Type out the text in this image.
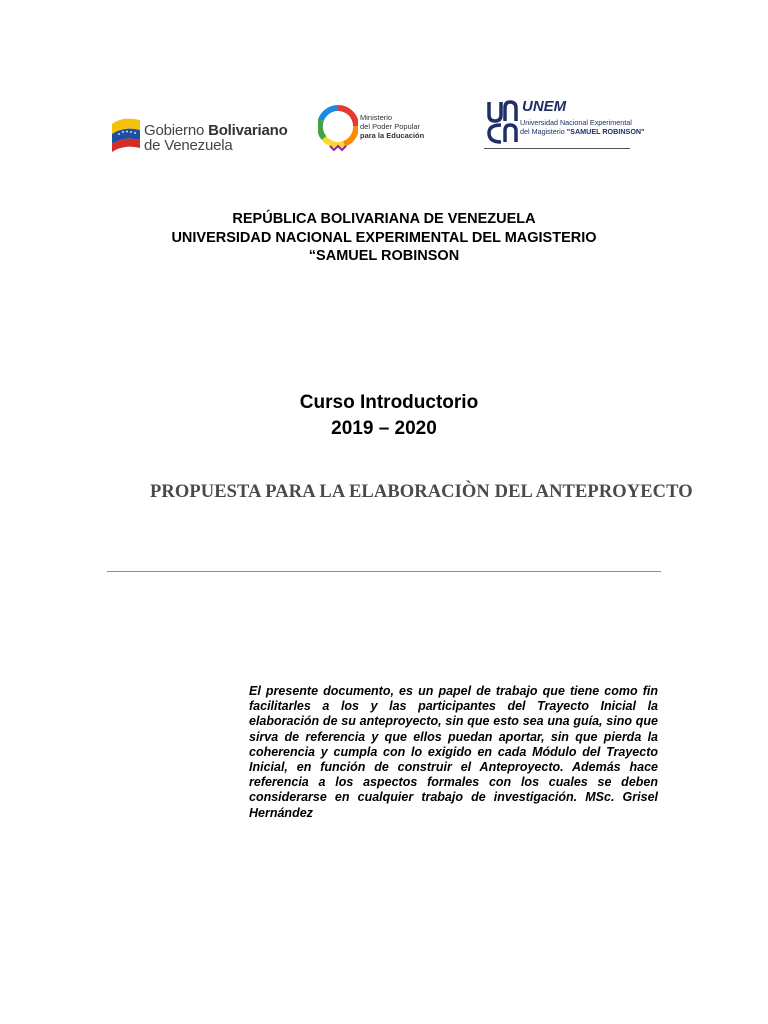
Gobierno Bolivariano
de Venezuela
Ministerio
del Poder Popular
para la Educación
UNEM
Universidad Nacional Experimental
del Magisterio "SAMUEL ROBINSON"
REPÚBLICA BOLIVARIANA DE VENEZUELA
UNIVERSIDAD NACIONAL EXPERIMENTAL DEL MAGISTERIO
“SAMUEL ROBINSON
Curso Introductorio
2019 – 2020
PROPUESTA PARA LA ELABORACIÒN DEL ANTEPROYECTO

El presente documento, es un papel de trabajo que tiene como fin facilitarles a los y las participantes del Trayecto Inicial la elaboración de su anteproyecto, sin que esto sea una guía, sino que sirva de referencia y que ellos puedan aportar, sin que pierda la coherencia y cumpla con lo exigido en cada Módulo del Trayecto Inicial, en función de construir el Anteproyecto. Además hace referencia a los aspectos formales con los cuales se deben considerarse en cualquier trabajo de investigación. MSc. Grisel Hernández
